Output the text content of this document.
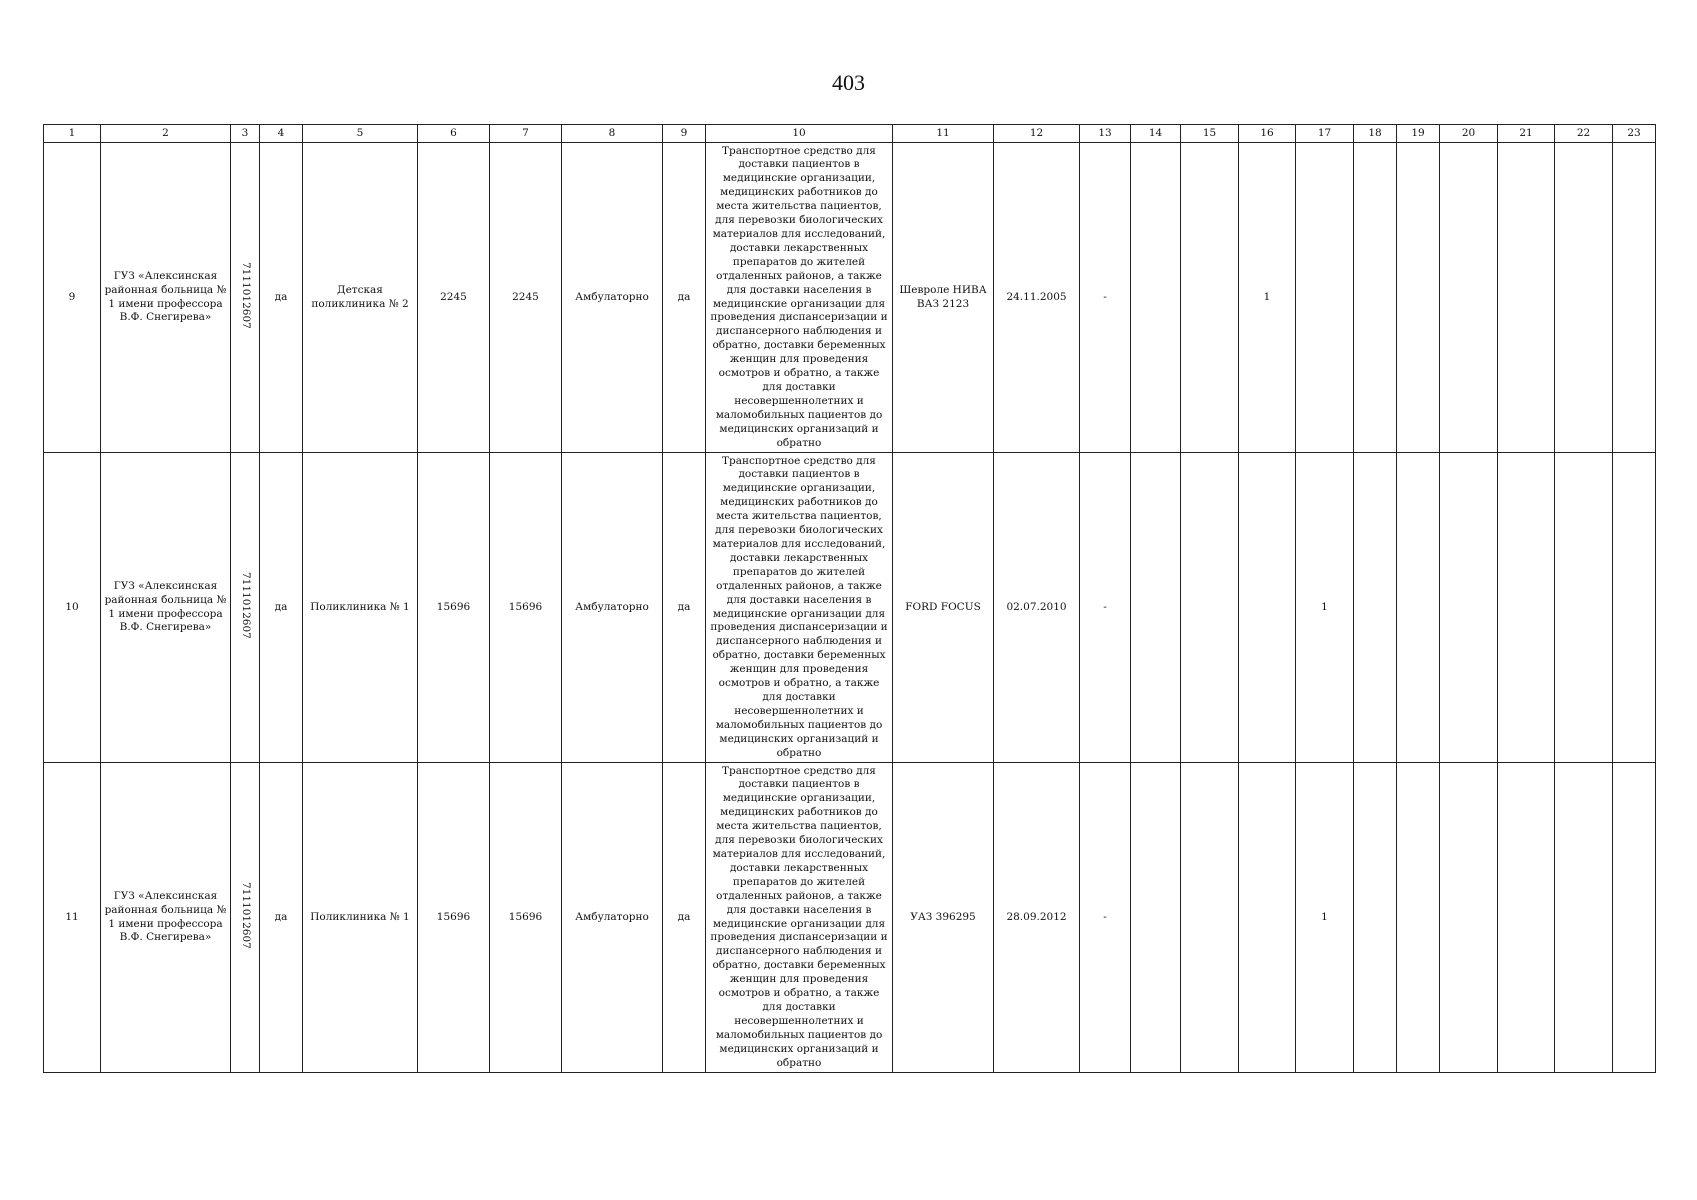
403
1	2	3	4	5	6	7	8	9	10	11	12	13	14	15	16	17	18	19	20	21	22	23
9	ГУЗ «Алексинская районная больница № 1 имени профессора В.Ф. Снегирева»	7111012607	да	Детская поликлиника № 2	2245	2245	Амбулаторно	да	Транспортное средство для доставки пациентов в медицинские организации, медицинских работников до места жительства пациентов, для перевозки биологических материалов для исследований, доставки лекарственных препаратов до жителей отдаленных районов, а также для доставки населения в медицинские организации для проведения диспансеризации и диспансерного наблюдения и обратно, доставки беременных женщин для проведения осмотров и обратно, а также для доставки несовершеннолетних и маломобильных пациентов до медицинских организаций и обратно	Шевроле НИВА ВАЗ 2123	24.11.2005	-			1							
10	ГУЗ «Алексинская районная больница № 1 имени профессора В.Ф. Снегирева»	7111012607	да	Поликлиника № 1	15696	15696	Амбулаторно	да	Транспортное средство для доставки пациентов в медицинские организации, медицинских работников до места жительства пациентов, для перевозки биологических материалов для исследований, доставки лекарственных препаратов до жителей отдаленных районов, а также для доставки населения в медицинские организации для проведения диспансеризации и диспансерного наблюдения и обратно, доставки беременных женщин для проведения осмотров и обратно, а также для доставки несовершеннолетних и маломобильных пациентов до медицинских организаций и обратно	FORD FOCUS	02.07.2010	-				1						
11	ГУЗ «Алексинская районная больница № 1 имени профессора В.Ф. Снегирева»	7111012607	да	Поликлиника № 1	15696	15696	Амбулаторно	да	Транспортное средство для доставки пациентов в медицинские организации, медицинских работников до места жительства пациентов, для перевозки биологических материалов для исследований, доставки лекарственных препаратов до жителей отдаленных районов, а также для доставки населения в медицинские организации для проведения диспансеризации и диспансерного наблюдения и обратно, доставки беременных женщин для проведения осмотров и обратно, а также для доставки несовершеннолетних и маломобильных пациентов до медицинских организаций и обратно	УАЗ 396295	28.09.2012	-				1						
